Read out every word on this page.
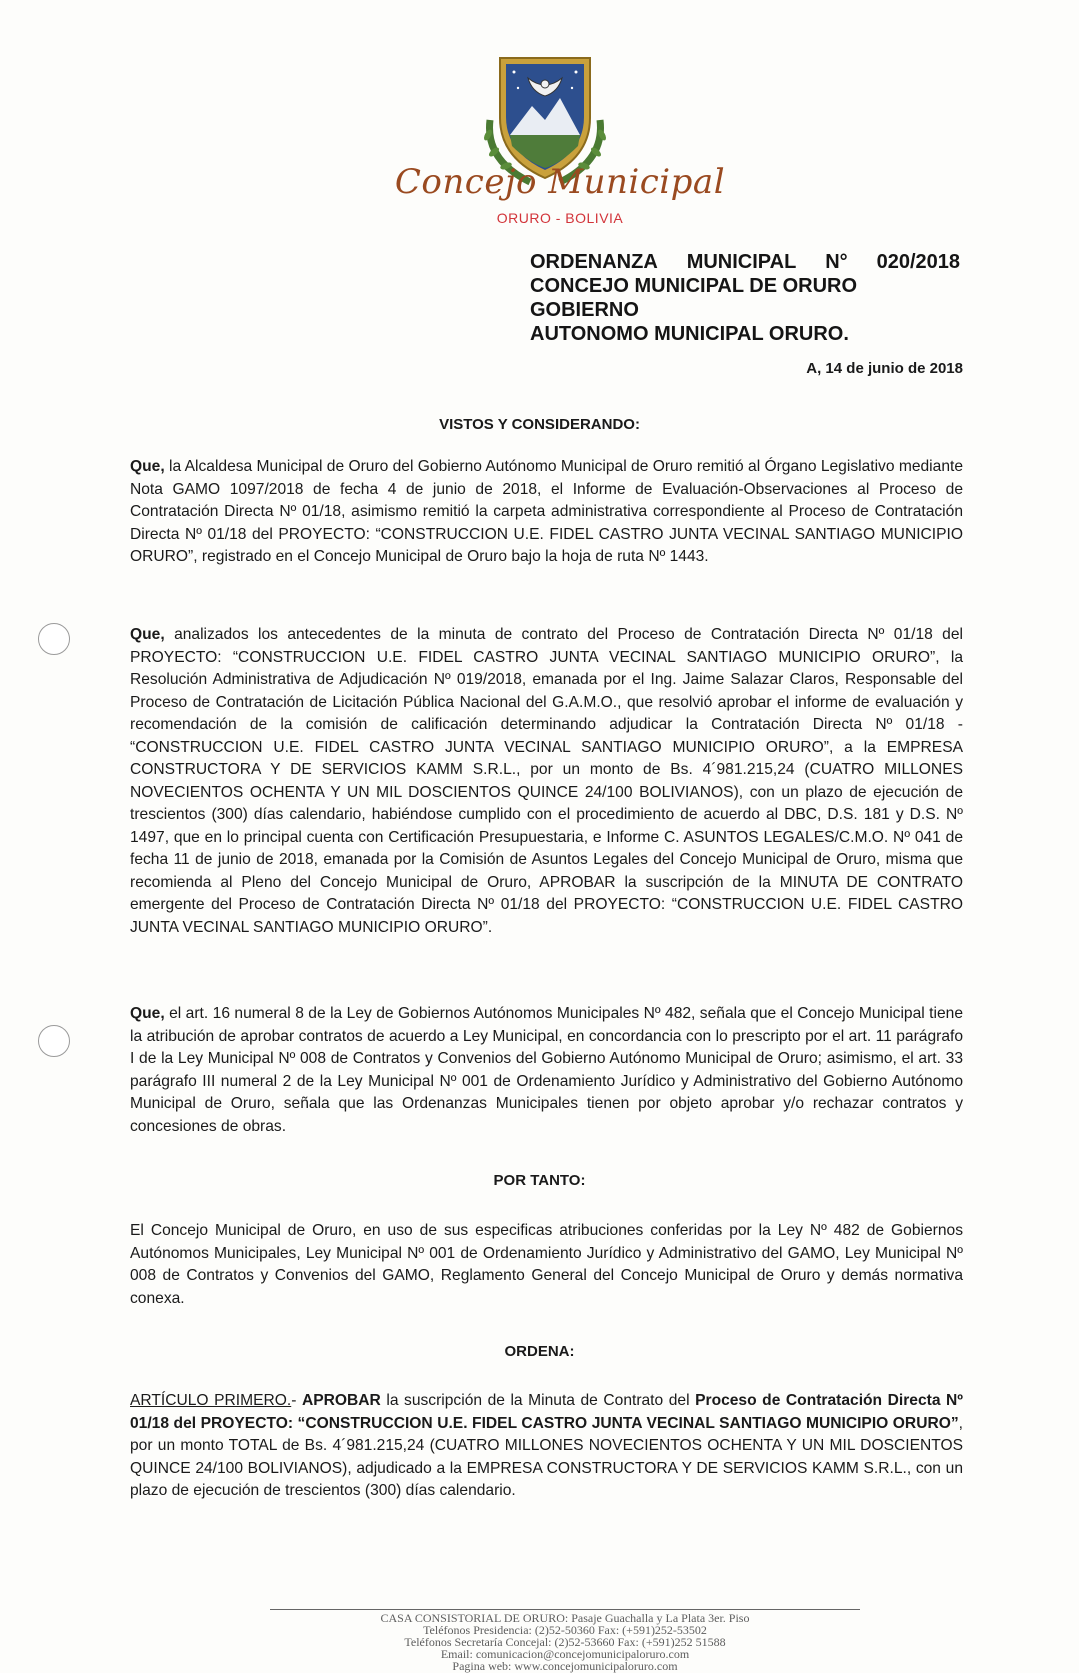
Concejo Municipal
ORURO - BOLIVIA
ORDENANZA MUNICIPAL N° 020/2018
CONCEJO MUNICIPAL DE ORURO GOBIERNO
AUTONOMO MUNICIPAL ORURO.
A, 14 de junio de 2018
VISTOS Y CONSIDERANDO:
Que, la Alcaldesa Municipal de Oruro del Gobierno Autónomo Municipal de Oruro remitió al Órgano Legislativo mediante Nota GAMO 1097/2018 de fecha 4 de junio de 2018, el Informe de Evaluación-Observaciones al Proceso de Contratación Directa Nº 01/18, asimismo remitió la carpeta administrativa correspondiente al Proceso de Contratación Directa Nº 01/18 del PROYECTO: “CONSTRUCCION U.E. FIDEL CASTRO JUNTA VECINAL SANTIAGO MUNICIPIO ORURO”, registrado en el Concejo Municipal de Oruro bajo la hoja de ruta Nº 1443.
Que, analizados los antecedentes de la minuta de contrato del Proceso de Contratación Directa Nº 01/18 del PROYECTO: “CONSTRUCCION U.E. FIDEL CASTRO JUNTA VECINAL SANTIAGO MUNICIPIO ORURO”, la Resolución Administrativa de Adjudicación Nº 019/2018, emanada por el Ing. Jaime Salazar Claros, Responsable del Proceso de Contratación de Licitación Pública Nacional del G.A.M.O., que resolvió aprobar el informe de evaluación y recomendación de la comisión de calificación determinando adjudicar la Contratación Directa Nº 01/18 - “CONSTRUCCION U.E. FIDEL CASTRO JUNTA VECINAL SANTIAGO MUNICIPIO ORURO”, a la EMPRESA CONSTRUCTORA Y DE SERVICIOS KAMM S.R.L., por un monto de Bs. 4´981.215,24 (CUATRO MILLONES NOVECIENTOS OCHENTA Y UN MIL DOSCIENTOS QUINCE 24/100 BOLIVIANOS), con un plazo de ejecución de trescientos (300) días calendario, habiéndose cumplido con el procedimiento de acuerdo al DBC, D.S. 181 y D.S. Nº 1497, que en lo principal cuenta con Certificación Presupuestaria, e Informe C. ASUNTOS LEGALES/C.M.O. Nº 041 de fecha 11 de junio de 2018, emanada por la Comisión de Asuntos Legales del Concejo Municipal de Oruro, misma que recomienda al Pleno del Concejo Municipal de Oruro, APROBAR la suscripción de la MINUTA DE CONTRATO emergente del Proceso de Contratación Directa Nº 01/18 del PROYECTO: “CONSTRUCCION U.E. FIDEL CASTRO JUNTA VECINAL SANTIAGO MUNICIPIO ORURO”.
Que, el art. 16 numeral 8 de la Ley de Gobiernos Autónomos Municipales Nº 482, señala que el Concejo Municipal tiene la atribución de aprobar contratos de acuerdo a Ley Municipal, en concordancia con lo prescripto por el art. 11 parágrafo I de la Ley Municipal Nº 008 de Contratos y Convenios del Gobierno Autónomo Municipal de Oruro; asimismo, el art. 33 parágrafo III numeral 2 de la Ley Municipal Nº 001 de Ordenamiento Jurídico y Administrativo del Gobierno Autónomo Municipal de Oruro, señala que las Ordenanzas Municipales tienen por objeto aprobar y/o rechazar contratos y concesiones de obras.
POR TANTO:
El Concejo Municipal de Oruro, en uso de sus especificas atribuciones conferidas por la Ley Nº 482 de Gobiernos Autónomos Municipales, Ley Municipal Nº 001 de Ordenamiento Jurídico y Administrativo del GAMO, Ley Municipal Nº 008 de Contratos y Convenios del GAMO, Reglamento General del Concejo Municipal de Oruro y demás normativa conexa.
ORDENA:
ARTÍCULO PRIMERO.- APROBAR la suscripción de la Minuta de Contrato del Proceso de Contratación Directa Nº 01/18 del PROYECTO: “CONSTRUCCION U.E. FIDEL CASTRO JUNTA VECINAL SANTIAGO MUNICIPIO ORURO”, por un monto TOTAL de Bs. 4´981.215,24 (CUATRO MILLONES NOVECIENTOS OCHENTA Y UN MIL DOSCIENTOS QUINCE 24/100 BOLIVIANOS), adjudicado a la EMPRESA CONSTRUCTORA Y DE SERVICIOS KAMM S.R.L., con un plazo de ejecución de trescientos (300) días calendario.
CASA CONSISTORIAL DE ORURO: Pasaje Guachalla y La Plata 3er. Piso
Teléfonos Presidencia: (2)52-50360 Fax: (+591)252-53502
Teléfonos Secretaría Concejal: (2)52-53660 Fax: (+591)252 51588
Email: comunicacion@concejomunicipaloruro.com
Pagina web: www.concejomunicipaloruro.com
